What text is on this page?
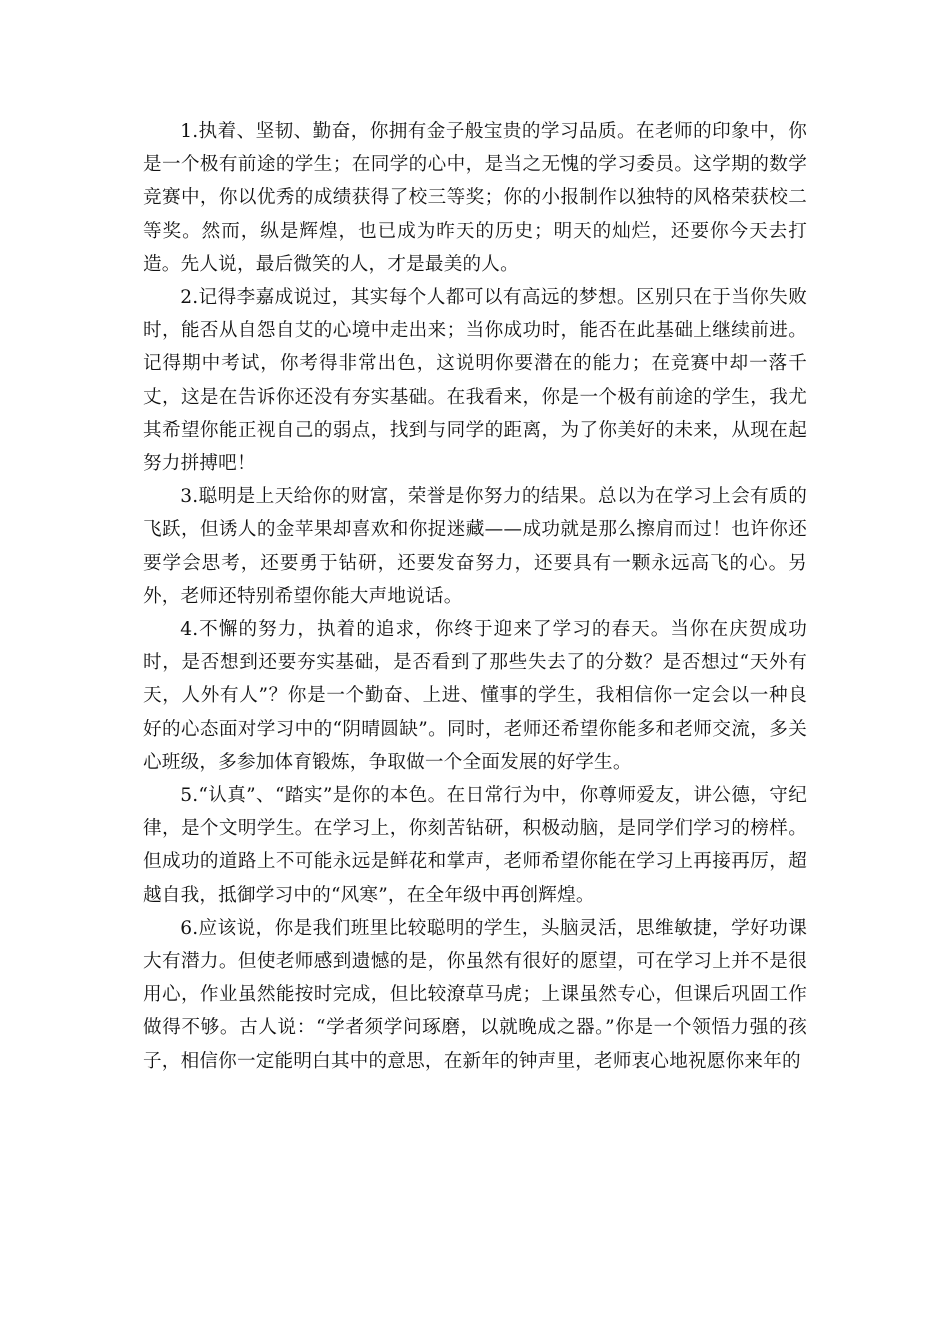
1.执着、坚韧、勤奋，你拥有金子般宝贵的学习品质。在老师的印象中，你是一个极有前途的学生；在同学的心中，是当之无愧的学习委员。这学期的数学竞赛中，你以优秀的成绩获得了校三等奖；你的小报制作以独特的风格荣获校二等奖。然而，纵是辉煌，也已成为昨天的历史；明天的灿烂，还要你今天去打造。先人说，最后微笑的人，才是最美的人。

2.记得李嘉成说过，其实每个人都可以有高远的梦想。区别只在于当你失败时，能否从自怨自艾的心境中走出来；当你成功时，能否在此基础上继续前进。记得期中考试，你考得非常出色，这说明你要潜在的能力；在竞赛中却一落千丈，这是在告诉你还没有夯实基础。在我看来，你是一个极有前途的学生，我尤其希望你能正视自己的弱点，找到与同学的距离，为了你美好的未来，从现在起努力拼搏吧！

3.聪明是上天给你的财富，荣誉是你努力的结果。总以为在学习上会有质的飞跃，但诱人的金苹果却喜欢和你捉迷藏——成功就是那么擦肩而过！也许你还要学会思考，还要勇于钻研，还要发奋努力，还要具有一颗永远高飞的心。另外，老师还特别希望你能大声地说话。

4.不懈的努力，执着的追求，你终于迎来了学习的春天。当你在庆贺成功时，是否想到还要夯实基础，是否看到了那些失去了的分数？是否想过“天外有天，人外有人”？你是一个勤奋、上进、懂事的学生，我相信你一定会以一种良好的心态面对学习中的“阴晴圆缺”。同时，老师还希望你能多和老师交流，多关心班级，多参加体育锻炼，争取做一个全面发展的好学生。

5.“认真”、“踏实”是你的本色。在日常行为中，你尊师爱友，讲公德，守纪律，是个文明学生。在学习上，你刻苦钻研，积极动脑，是同学们学习的榜样。但成功的道路上不可能永远是鲜花和掌声，老师希望你能在学习上再接再厉，超越自我，抵御学习中的“风寒”，在全年级中再创辉煌。

6.应该说，你是我们班里比较聪明的学生，头脑灵活，思维敏捷，学好功课大有潜力。但使老师感到遗憾的是，你虽然有很好的愿望，可在学习上并不是很用心，作业虽然能按时完成，但比较潦草马虎；上课虽然专心，但课后巩固工作做得不够。古人说：“学者须学问琢磨，以就晚成之器。”你是一个领悟力强的孩子，相信你一定能明白其中的意思，在新年的钟声里，老师衷心地祝愿你来年的
